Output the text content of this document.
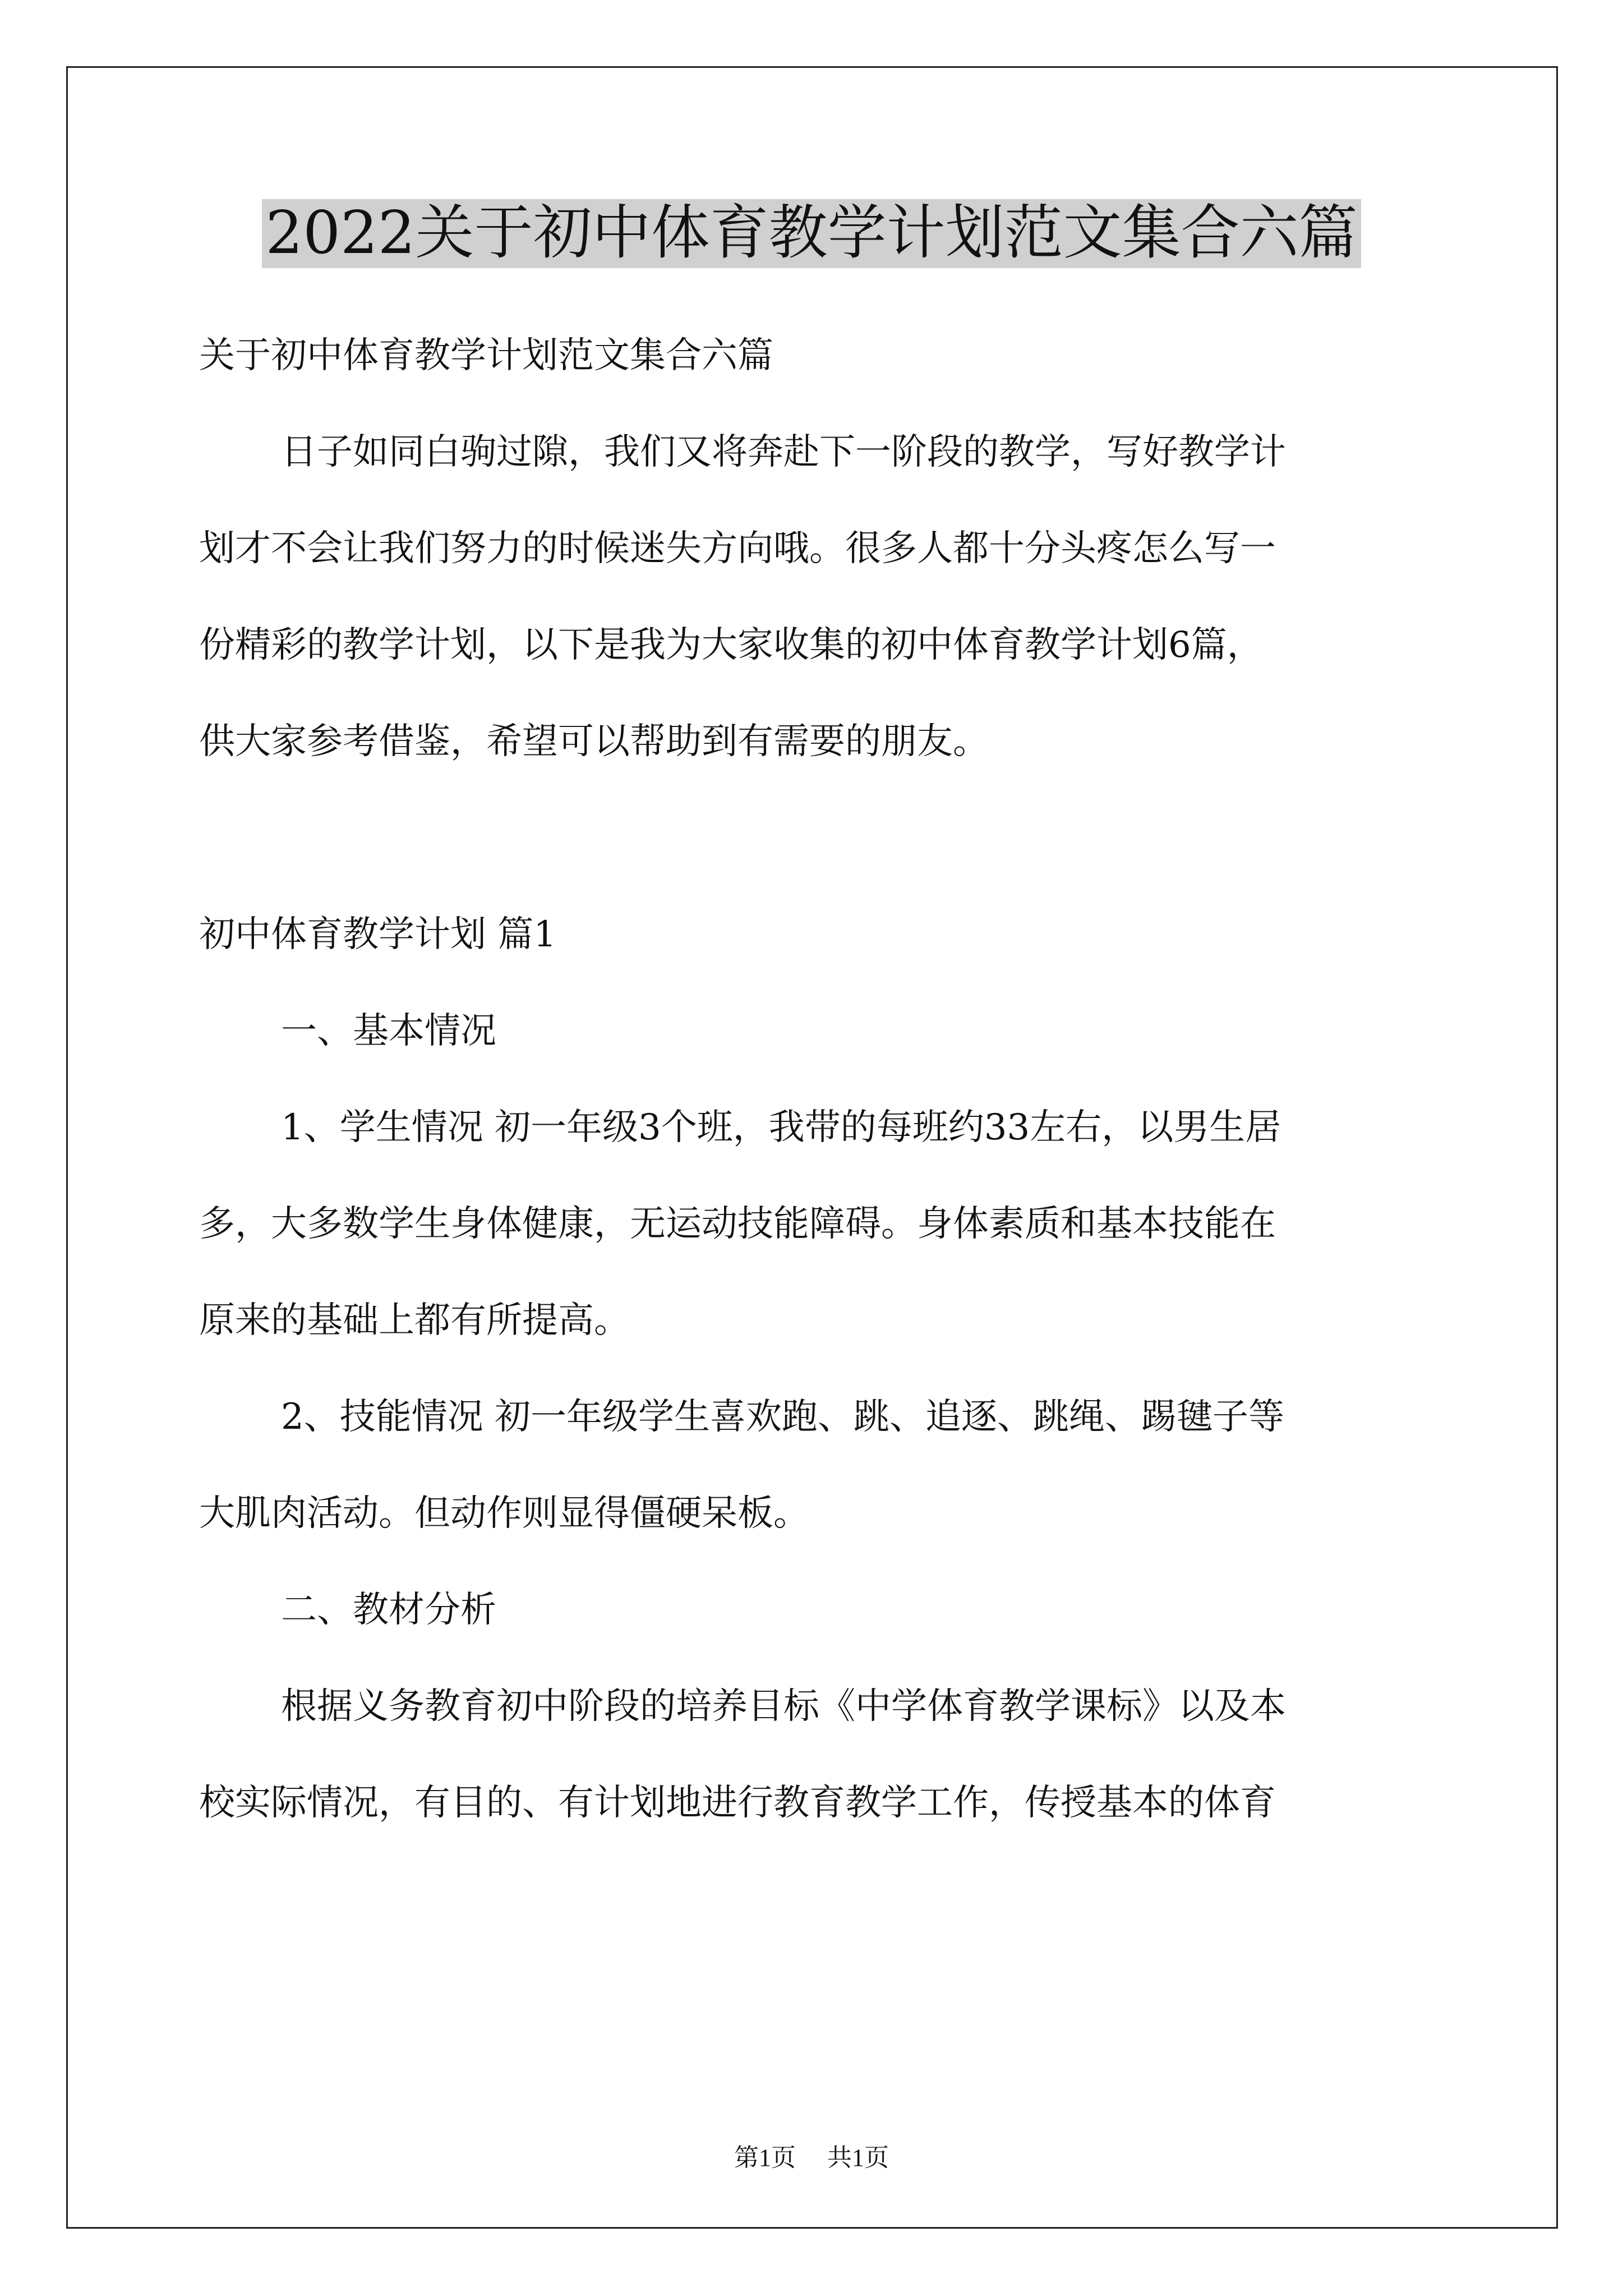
2022关于初中体育教学计划范文集合六篇

关于初中体育教学计划范文集合六篇

日子如同白驹过隙，我们又将奔赴下一阶段的教学，写好教学计

划才不会让我们努力的时候迷失方向哦。很多人都十分头疼怎么写一

份精彩的教学计划，以下是我为大家收集的初中体育教学计划6篇，

供大家参考借鉴，希望可以帮助到有需要的朋友。

初中体育教学计划 篇1

一、基本情况

1、学生情况 初一年级3个班，我带的每班约33左右，以男生居

多，大多数学生身体健康，无运动技能障碍。身体素质和基本技能在

原来的基础上都有所提高。

2、技能情况 初一年级学生喜欢跑、跳、追逐、跳绳、踢毽子等

大肌肉活动。但动作则显得僵硬呆板。

二、教材分析

根据义务教育初中阶段的培养目标《中学体育教学课标》以及本

校实际情况，有目的、有计划地进行教育教学工作，传授基本的体育

第1页 共1页
